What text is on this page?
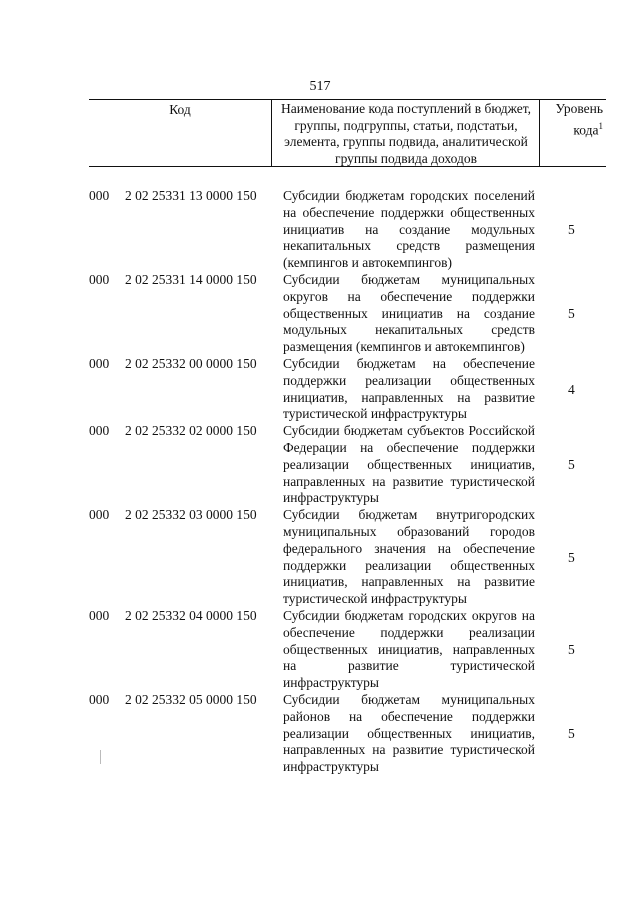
517
Код	Наименование кода поступлений в бюджет, группы, подгруппы, статьи, подстатьи, элемента, группы подвида, аналитической группы подвида доходов
Уровень кода$^1$
000 2 02 25331 13 0000 150 Субсидии бюджетам городских поселений на обеспечение поддержки общественных инициатив на создание модульных некапитальных средств размещения (кемпингов и автокемпингов)
5
000 2 02 25331 14 0000 150 Субсидии бюджетам муниципальных округов на обеспечение поддержки общественных инициатив на создание модульных некапитальных средств размещения (кемпингов и автокемпингов)
5
000 2 02 25332 00 0000 150 Субсидии бюджетам на обеспечение поддержки реализации общественных инициатив, направленных на развитие туристической инфраструктуры
4
000 2 02 25332 02 0000 150 Субсидии бюджетам субъектов Российской Федерации на обеспечение поддержки реализации общественных инициатив, направленных на развитие туристической инфраструктуры
5
000 2 02 25332 03 0000 150 Субсидии бюджетам внутригородских муниципальных образований городов федерального значения на обеспечение поддержки реализации общественных инициатив, направленных на развитие туристической инфраструктуры
5
000 2 02 25332 04 0000 150 Субсидии бюджетам городских округов на обеспечение поддержки реализации общественных инициатив, направленных на развитие туристической инфраструктуры
5
000 2 02 25332 05 0000 150 Субсидии бюджетам муниципальных районов на обеспечение поддержки реализации общественных инициатив, направленных на развитие туристической инфраструктуры
5
